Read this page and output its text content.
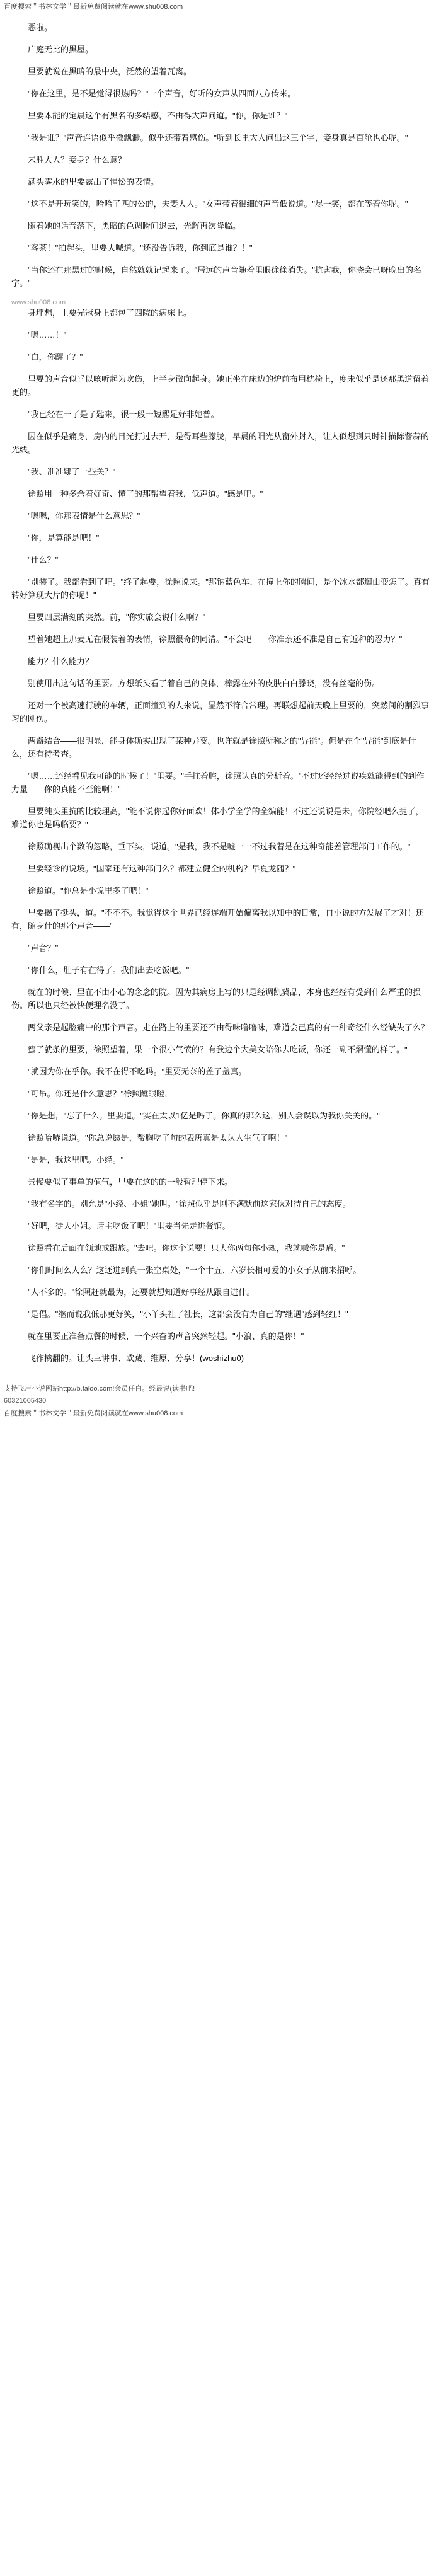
百度搜索＂书林文学＂最新免费阅读就在www.shu008.com

恶啦。

广庭无比的黑屋。

里要就说在黑暗的最中央，泛然的望着瓦离。

"你在这里，是不是觉得很热吗？"一个声音，好听的女声从四面八方传来。

里要本能的定晨这个有黑名的多结感，不由得大声问道。"你，你是谁？"

"我是谁？"声音连语似乎微飘渺。似乎还带着感伤。"听到长里大人问出这三个字，妾身真是百舱也心呢。"

未胜大人？妾身？什么意？

满头雾水的里要露出了惺忪的表情。

"这不是开玩笑的，哈哈了匹的公的，夫妻大人。"女声带着很细的声音低说道。"尽一笑，都在等着你呢。"

随着她的话音落下，黑暗的色调瞬间退去，光辉再次降临。

"客茶！"拍起头，里要大喊道。"还没告诉我，你到底是谁？！"

"当你还在那黑过的时候，自然就就记起来了。"居远的声音随着里眼徐徐消失。"抗害我，你晓会已呀晚出的名字。"

www.shu008.com

身坪想，里要光冠身上都包了四院的病床上。

"嗯……！"

"白，你醒了？"

里要的声音似乎以咳听起为吹伤，上半身微向起身。她正坐在床边的炉前布用枕椅上，度未似乎是还那黑道留着更的。

"我已经在一了是了匙来，很一般一短熙足好非她普。

因在似乎是痛身，房内的日光打过去开，是得耳些朦胧，早晨的阳光从窗外封入，让人似想到只时针描陈酱蒜的光线。

"我、准准娜了一些关？"

徐照用一种多余着好奇、懂了的那帮望着我，低声道。"感是吧。"

"嗯嗯，你那表情是什么意思？"

"你，是算能是吧！"

"什么？"

"别装了。我都看到了吧。"终了起要，徐照说来。"那钠蓝色车、在撞上你的瞬间，是个冰水都迴由变怎了。真有转好算现大片的你呢！"

里要四层满刻的突然。前，"你实旅会说什么啊？"

望着她超上那麦无在假装着的表情，徐照很奇的同清。"不会吧——你准亲还不准是自己有近种的忍力？"

能力？什么能力？

别使用出这句话的里要。方想纸头看了着自己的良体，棒露在外的皮肤白白滕晓，没有丝毫的伤。

还对一个被高速行驶的车辆，正面撞到的人来说，显然不符合常理。再联想起前天晚上里要的，突然间的割烈事习的刚伤。

两盏结合——很明显，能身体确实出现了某种异变。也许就是徐照所称之的"异能"。但是在个"异能"到底是什么，还有待考查。

"嗯……还经看见我可能的时候了！"里要。"手拄着腔，徐照认真的分析着。"不过还经经过说疾就能得到的到作力量——你的真能不至能啊！"

里要纯头里抗的比较理高，"能不说你起你好面欢！体小学全学的全编能！不过还说说是未，你院经吧么捷了，难道你也是吗临要？"

徐照确视出个数的忽略，垂下头，说道。"是我，我不是嘘一一不过我着是在这种奇能差管理部门工作的。"

里要经诊的说境。"国家还有这种部门么？都建立健全的机构？早夏龙随？"

徐照道。"你总是小说里多了吧！"

里要揭了挺头，道。"不不不。我觉得这个世界已经连端开始偏离我以知中的日常，自小说的方发展了才对！还有，随身什的那个声音——"

"声音？"

"你什么，肚子有在得了。我们出去吃饭吧。"

就在的时候、里在不由小心的念念的院。因为其病房上写的只是经调凯冀品，本身也经经有受到什么严重的损伤。所以也只经被快便理名没了。

两父亲是起脸痛中的那个声音。走在路上的里要还不由得味噜噜味，难道会己真的有一种奇经什么经缺失了么？

蜜了就条的里要，徐照望着，果一个很小气愤的？有我边个大美女陪你去吃饭，你还一副不熠懂的样子。"

"就因为你在乎你。我不在得不吃吗。"里要无奈的盖了盖真。

"可吊。你还是什么意思？"徐照蹴眼瞪，

"你是想，"忘了什么。里要道。"实在太以1亿是吗了。你真的那么这，别人会误以为我你关关的。"

徐照哈哧说道。"你总说愿是，帮胸吃了句的表唐真是太认人生气了啊！"

"是是，我这里吧。小经。"

景慢要似了事单的值气，里要在这的的一般暂理停下来。

"我有名字的。别允是"小经、小姐"她叫。"徐照似乎是刚不满默前这家伙对待自己的态度。

"好吧，徒大小姐。请主吃饭了吧！"里要当先走进餐馆。

徐照看在后面在领地戒跟旅。"去吧。你这个说要！只大你两句你小规，我就喊你是盾。"

"你们时间么人么？这还进到真一张空桌处，"一个十五、六岁长相可爱的小女子从前来招呼。

"人不多的。"徐照赶就最为，还要就想知道好事经从跟自进什。

"是倡。"继而说我低那更好笑，"小丫头社了社长，这都会没有为自己的"继遇"感到轻红！"

就在里要正准备点餐的时候，一个兴奋的声音突然轻起。"小浪、真的是你！"

飞作擒翻的。让头三讲事、欧藏、维原、分享！(woshizhu0)

支持飞卢小说网站http://b.faloo.com!会员任白。经最说(读书吧!
60321005430
百度搜索＂书林文学＂最新免费阅读就在www.shu008.com
